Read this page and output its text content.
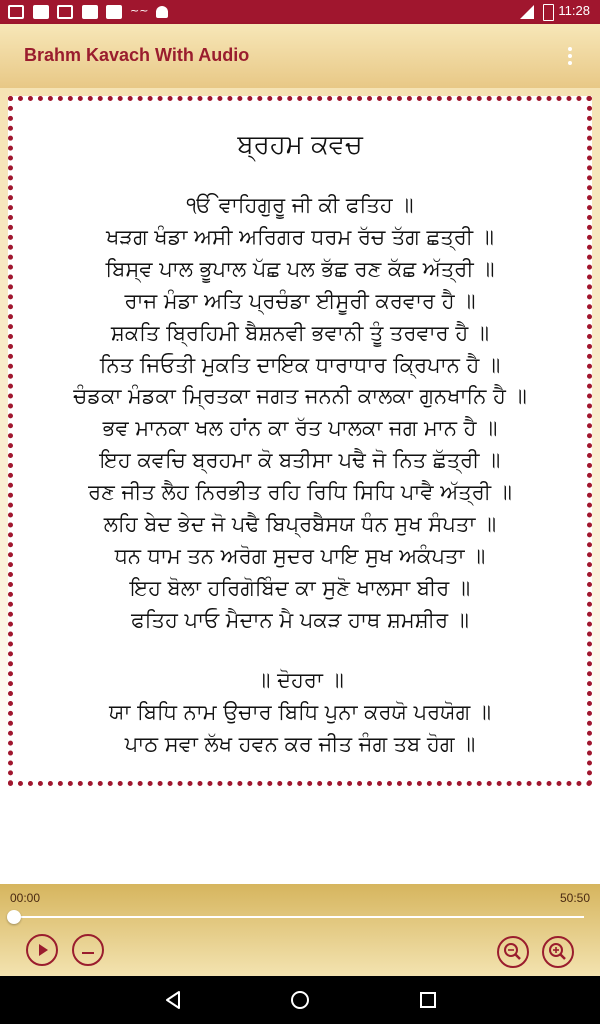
~~	11:28
Brahm Kavach With Audio
ਬ੍ਰਹਮ ਕਵਚ
ੴ ਵਾਹਿਗੁਰੂ ਜੀ ਕੀ ਫਤਿਹ ॥
ਖੜਗ ਖੰਡਾ ਅਸੀ ਅਰਿਗਰ ਧਰਮ ਰੱਚ ਤੱਗ ਛਤ੍ਰੀ ॥
ਬਿਸ੍ਵ ਪਾਲ ਭੂਪਾਲ ਪੱਛ ਪਲ ਭੱਛ ਰਣ ਕੱਛ ਅੱਤ੍ਰੀ ॥
ਰਾਜ ਮੰਡਾ ਅਤਿ ਪ੍ਰਚੰਡਾ ਈਸੂਰੀ ਕਰਵਾਰ ਹੈ ॥
ਸ਼ਕਤਿ ਬ੍ਰਿਹਿਮੀ ਬੈਸ਼ਨਵੀ ਭਵਾਨੀ ਤੂੰ ਤਰਵਾਰ ਹੈ ॥
ਨਿਤ ਜਿਓਤੀ ਮੁਕਤਿ ਦਾਇਕ ਧਾਰਾਧਾਰ ਕ੍ਰਿਪਾਨ ਹੈ ॥
ਚੰਡਕਾ ਮੰਡਕਾ ਮ੍ਰਿਤਕਾ ਜਗਤ ਜਨਨੀ ਕਾਲਕਾ ਗੁਨਖਾਨਿ ਹੈ ॥
ਭਵ ਮਾਨਕਾ ਖਲ ਹਾਂਨ ਕਾ ਰੱਤ ਪਾਲਕਾ ਜਗ ਮਾਨ ਹੈ ॥
ਇਹ ਕਵਚਿ ਬ੍ਰਹਮਾ ਕੋ ਬਤੀਸਾ ਪਢੈ ਜੋ ਨਿਤ ਛੱਤ੍ਰੀ ॥
ਰਣ ਜੀਤ ਲੈਹ ਨਿਰਭੀਤ ਰਹਿ ਰਿਧਿ ਸਿਧਿ ਪਾਵੈ ਅੱਤ੍ਰੀ ॥
ਲਹਿ ਬੇਦ ਭੇਦ ਜੋ ਪਢੈ ਬਿਪ੍ਰਬੈਸਯ ਧੰਨ ਸੁਖ ਸੰਪਤਾ ॥
ਧਨ ਧਾਮ ਤਨ ਅਰੋਗ ਸੁਦਰ ਪਾਇ ਸੁਖ ਅਕੰਪਤਾ ॥
ਇਹ ਬੋਲਾ ਹਰਿਗੋਬਿੰਦ ਕਾ ਸੁਣੋ ਖਾਲਸਾ ਬੀਰ ॥
ਫਤਿਹ ਪਾਓ ਮੈਦਾਨ ਮੈ ਪਕੜ ਹਾਥ ਸ਼ਮਸ਼ੀਰ ॥
॥ ਦੋਹਰਾ ॥
ਯਾ ਬਿਧਿ ਨਾਮ ਉਚਾਰ ਬਿਧਿ ਪੁਨਾ ਕਰਯੋ ਪਰਯੋਗ ॥
ਪਾਠ ਸਵਾ ਲੱਖ ਹਵਨ ਕਰ ਜੀਤ ਜੰਗ ਤਬ ਹੋਗ ॥
00:00	50:50
